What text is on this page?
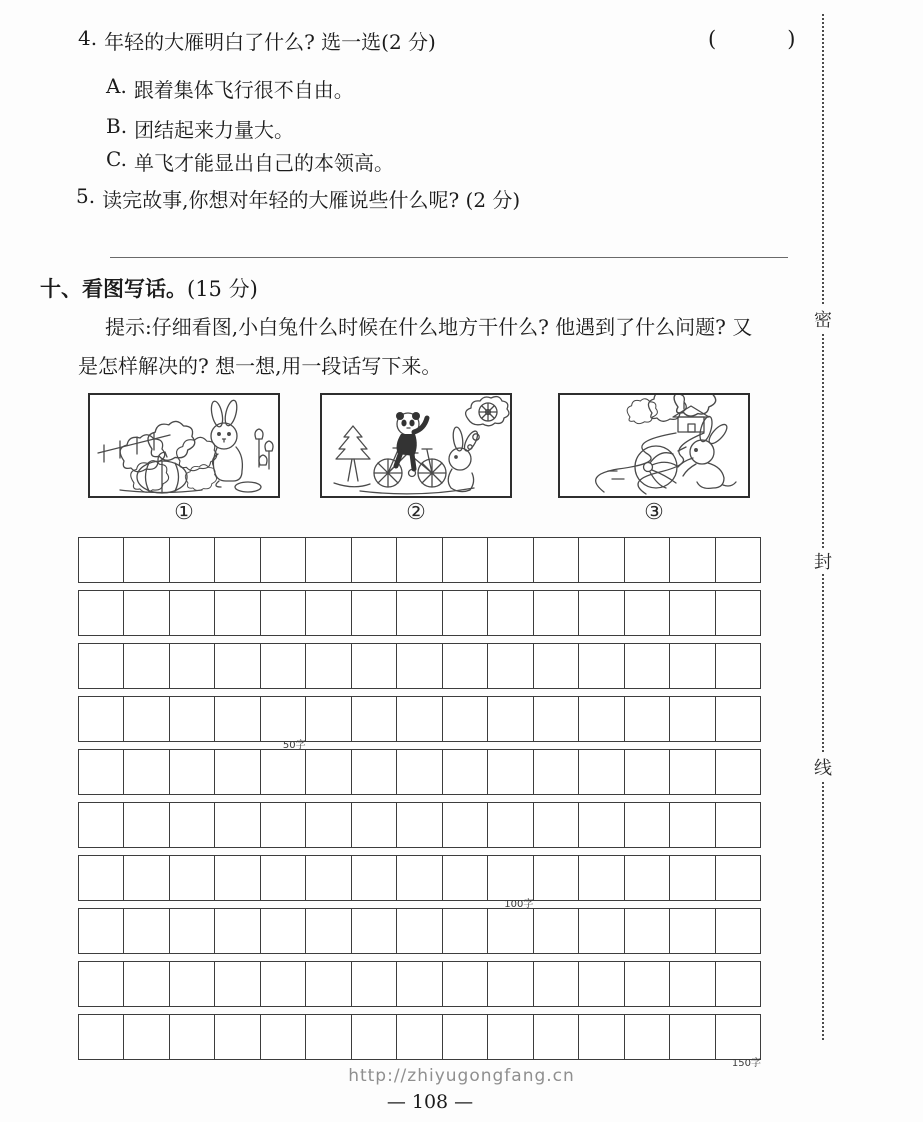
4. 年轻的大雁明白了什么? 选一选(2 分)	(　　　)
A. 跟着集体飞行很不自由。
B. 团结起来力量大。
C. 单飞才能显出自己的本领高。
5. 读完故事,你想对年轻的大雁说些什么呢? (2 分)
十、 看图写话。 (15 分)

提示:仔细看图,小白兔什么时候在什么地方干什么? 他遇到了什么问题? 又是怎样解决的? 想一想,用一段话写下来。

①	②	③
50字
100字
150字
密
封
线
http://zhiyugongfang.cn
— 108 —
